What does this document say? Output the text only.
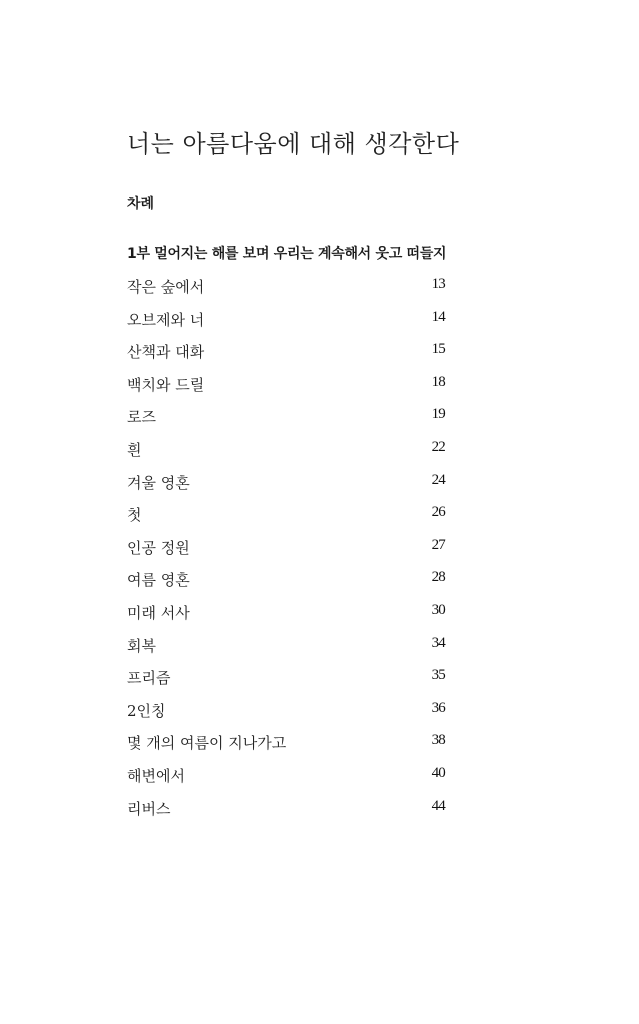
너는 아름다움에 대해 생각한다
차례
1부 멀어지는 해를 보며 우리는 계속해서 웃고 떠들지
작은 숲에서	13
오브제와 너	14
산책과 대화	15
백치와 드릴	18
로즈	19
흰	22
겨울 영혼	24
첫	26
인공 정원	27
여름 영혼	28
미래 서사	30
회복	34
프리즘	35
2인칭	36
몇 개의 여름이 지나가고	38
해변에서	40
리버스	44
